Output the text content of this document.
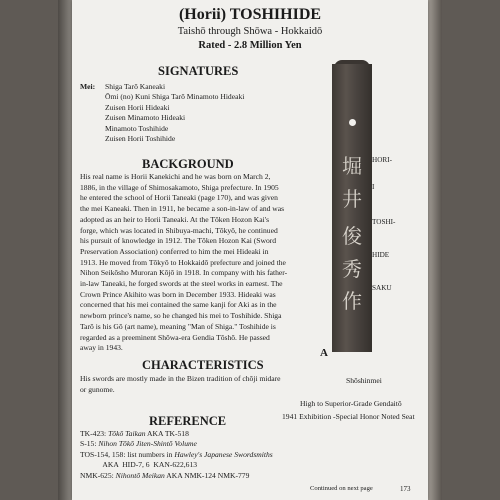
(Horii) TOSHIHIDE
Taishō through Shōwa - Hokkaidō
Rated - 2.8 Million Yen
SIGNATURES
Mei: Shiga Tarō Kaneaki
Ōmi (no) Kuni Shiga Tarō Minamoto Hideaki
Zuisen Horii Hideaki
Zuisen Minamoto Hideaki
Minamoto Toshihide
Zuisen Horii Toshihide
BACKGROUND
His real name is Horii Kanekichi and he was born on March 2,
1886, in the village of Shimosakamoto, Shiga prefecture. In 1905
he entered the school of Horii Taneaki (page 170), and was given
the mei Kaneaki. Then in 1911, he became a son-in-law of and was
adopted as an heir to Horii Taneaki. At the Tōken Hozon Kai's
forge, which was located in Shibuya-machi, Tōkyō, he continued
his pursuit of knowledge in 1912. The Tōken Hozon Kai (Sword
Preservation Association) conferred to him the mei Hideaki in
1913. He moved from Tōkyō to Hokkaidō prefecture and joined the
Nihon Seikōsho Muroran Kōjō in 1918. In company with his father-
in-law Taneaki, he forged swords at the steel works in earnest. The
Crown Prince Akihito was born in December 1933. Hideaki was
concerned that his mei contained the same kanji for Aki as in the
newborn prince's name, so he changed his mei to Toshihide. Shiga
Tarō is his Gō (art name), meaning "Man of Shiga." Toshihide is
regarded as a preeminent Shōwa-era Gendia Tōshō. He passed
away in 1943.
CHARACTERISTICS
His swords are mostly made in the Bizen tradition of chōji midare
or gunome.
REFERENCE
TK-423: Tōkō Taikan AKA TK-518
S-15: Nihon Tōkō Jiten-Shintō Volume
TOS-154, 158: list numbers in Hawley's Japanese Swordsmiths
AKA  HID-7, 6  KAN-622,613
NMK-625: Nihontō Meikan AKA NMK-124 NMK-779
堀
井
俊
秀
作
HORI-
I
TOSHI-
HIDE
SAKU
A
Shōshinmei
High to Superior-Grade Gendaitō
1941 Exhibition -Special Honor Noted Seat
Continued on next page	173
